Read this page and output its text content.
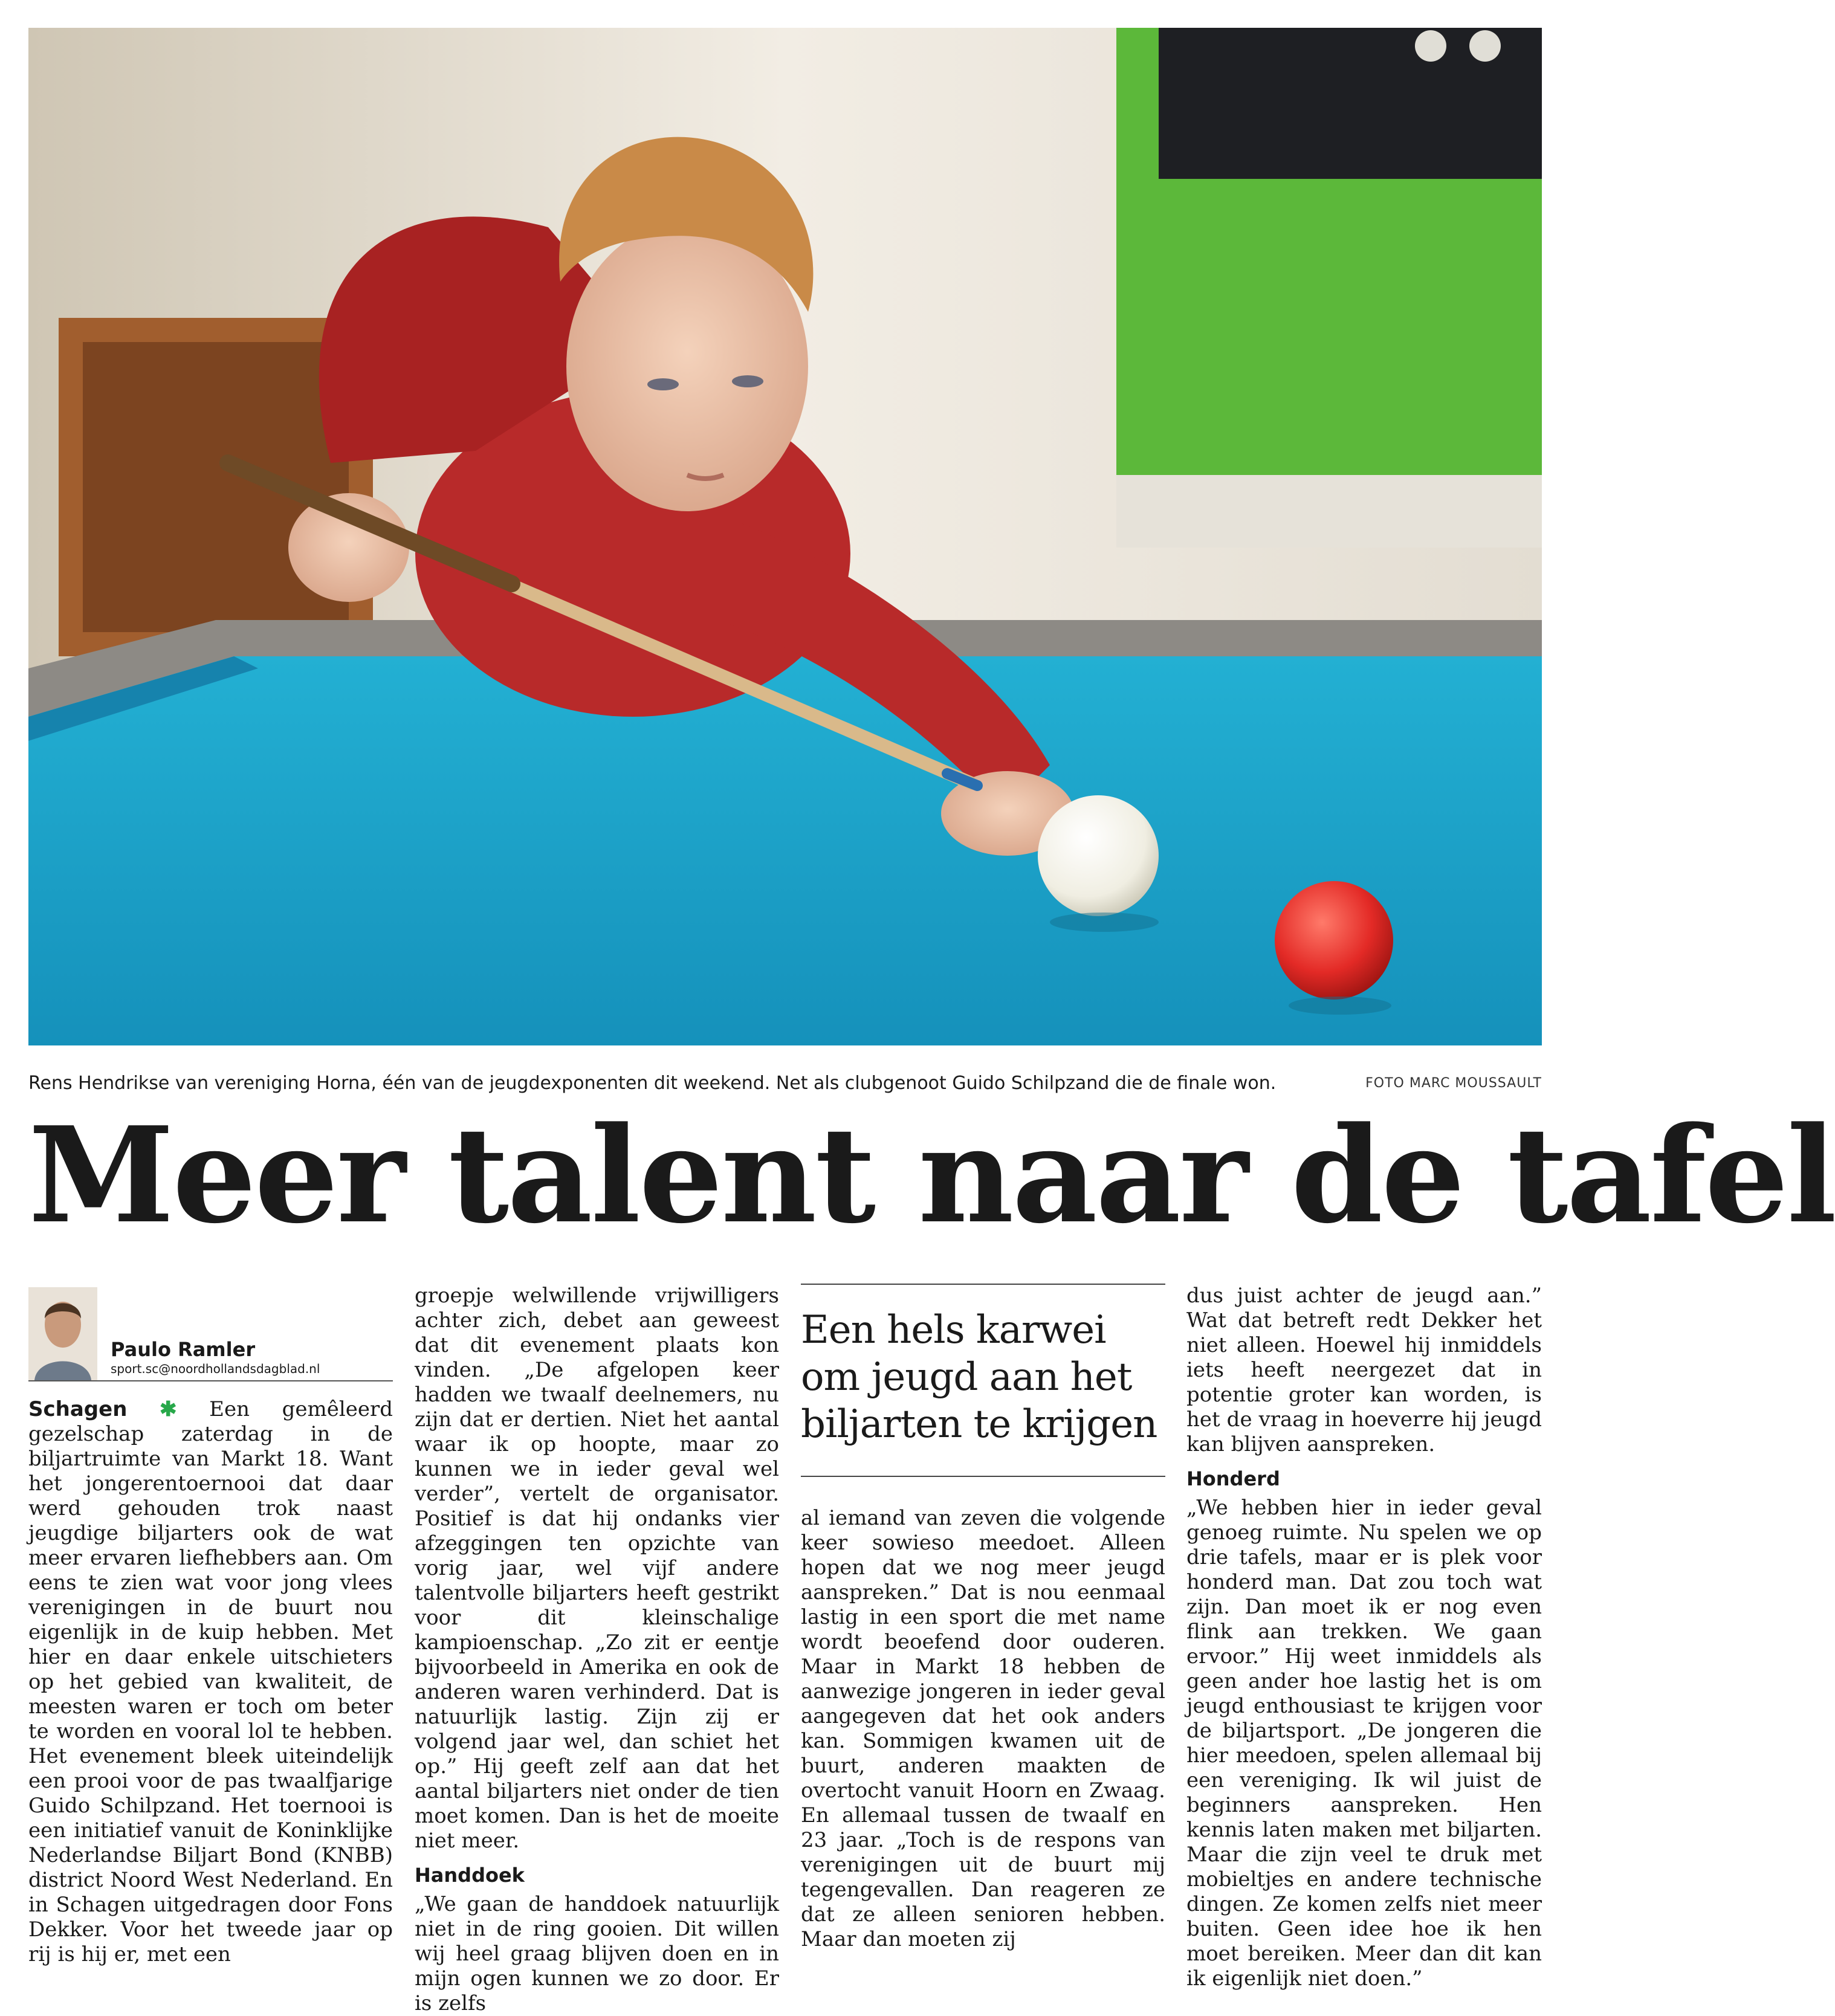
Rens Hendrikse van vereniging Horna, één van de jeugdexponenten dit weekend. Net als clubgenoot Guido Schilpzand die de finale won.	FOTO MARC MOUSSAULT
Meer talent naar de tafel
Paulo Ramler
sport.sc@noordhollandsdagblad.nl

Schagen ✱ Een gemêleerd gezelschap zaterdag in de biljartruimte van Markt 18. Want het jongerentoernooi dat daar werd gehouden trok naast jeugdige biljarters ook de wat meer ervaren liefhebbers aan. Om eens te zien wat voor jong vlees verenigingen in de buurt nou eigenlijk in de kuip hebben. Met hier en daar enkele uitschieters op het gebied van kwaliteit, de meesten waren er toch om beter te worden en vooral lol te hebben. Het evenement bleek uiteindelijk een prooi voor de pas twaalfjarige Guido Schilpzand. Het toernooi is een initiatief vanuit de Koninklijke Nederlandse Biljart Bond (KNBB) district Noord West Nederland. En in Schagen uitgedragen door Fons Dekker. Voor het tweede jaar op rij is hij er, met een

groepje welwillende vrijwilligers achter zich, debet aan geweest dat dit evenement plaats kon vinden. „De afgelopen keer hadden we twaalf deelnemers, nu zijn dat er dertien. Niet het aantal waar ik op hoopte, maar zo kunnen we in ieder geval wel verder”, vertelt de organisator. Positief is dat hij ondanks vier afzeggingen ten opzichte van vorig jaar, wel vijf andere talentvolle biljarters heeft gestrikt voor dit kleinschalige kampioenschap. „Zo zit er eentje bijvoorbeeld in Amerika en ook de anderen waren verhinderd. Dat is natuurlijk lastig. Zijn zij er volgend jaar wel, dan schiet het op.” Hij geeft zelf aan dat het aantal biljarters niet onder de tien moet komen. Dan is het de moeite niet meer.

Handdoek

„We gaan de handdoek natuurlijk niet in de ring gooien. Dit willen wij heel graag blijven doen en in mijn ogen kunnen we zo door. Er is zelfs

Een hels karwei om jeugd aan het biljarten te krijgen

al iemand van zeven die volgende keer sowieso meedoet. Alleen hopen dat we nog meer jeugd aanspreken.” Dat is nou eenmaal lastig in een sport die met name wordt beoefend door ouderen. Maar in Markt 18 hebben de aanwezige jongeren in ieder geval aangegeven dat het ook anders kan. Sommigen kwamen uit de buurt, anderen maakten de overtocht vanuit Hoorn en Zwaag. En allemaal tussen de twaalf en 23 jaar. „Toch is de respons van verenigingen uit de buurt mij tegengevallen. Dan reageren ze dat ze alleen senioren hebben. Maar dan moeten zij

dus juist achter de jeugd aan.” Wat dat betreft redt Dekker het niet alleen. Hoewel hij inmiddels iets heeft neergezet dat in potentie groter kan worden, is het de vraag in hoeverre hij jeugd kan blijven aanspreken.

Honderd

„We hebben hier in ieder geval genoeg ruimte. Nu spelen we op drie tafels, maar er is plek voor honderd man. Dat zou toch wat zijn. Dan moet ik er nog even flink aan trekken. We gaan ervoor.” Hij weet inmiddels als geen ander hoe lastig het is om jeugd enthousiast te krijgen voor de biljartsport. „De jongeren die hier meedoen, spelen allemaal bij een vereniging. Ik wil juist de beginners aanspreken. Hen kennis laten maken met biljarten. Maar die zijn veel te druk met mobieltjes en andere technische dingen. Ze komen zelfs niet meer buiten. Geen idee hoe ik hen moet bereiken. Meer dan dit kan ik eigenlijk niet doen.”
